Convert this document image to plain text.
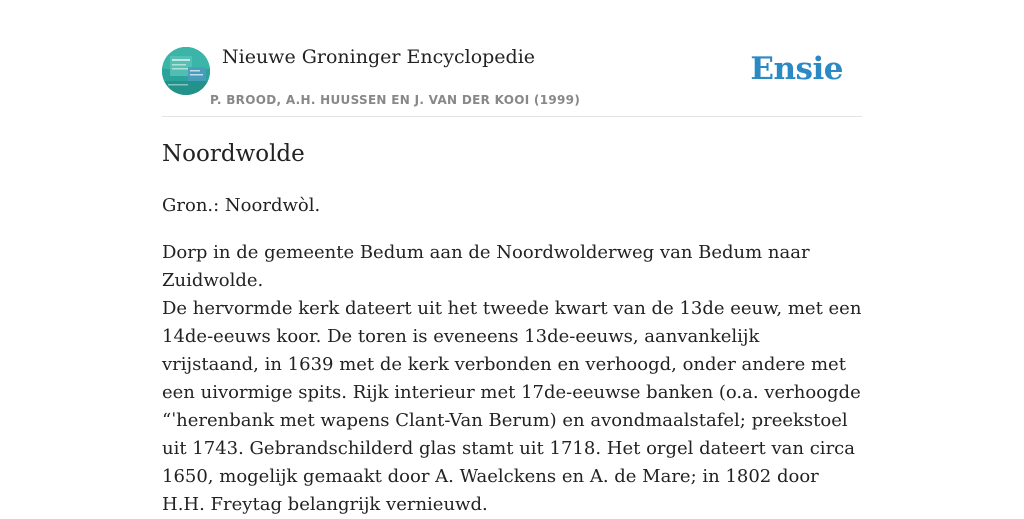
Nieuwe Groninger Encyclopedie
P. BROOD, A.H. HUUSSEN EN J. VAN DER KOOI (1999)
Ensie
Noordwolde

Gron.: Noordwòl.

Dorp in de gemeente Bedum aan de Noordwolderweg van Bedum naar Zuidwolde.

De hervormde kerk dateert uit het tweede kwart van de 13de eeuw, met een 14de-eeuws koor. De toren is eveneens 13de-eeuws, aanvankelijk vrijstaand, in 1639 met de kerk verbonden en verhoogd, onder andere met een uivormige spits. Rijk interieur met 17de-eeuwse banken (o.a. verhoogde “ˈherenbank met wapens Clant-Van Berum) en avondmaalstafel; preekstoel uit 1743. Gebrandschilderd glas stamt uit 1718. Het orgel dateert van circa 1650, mogelijk gemaakt door A. Waelckens en A. de Mare; in 1802 door H.H. Freytag belangrijk vernieuwd.
